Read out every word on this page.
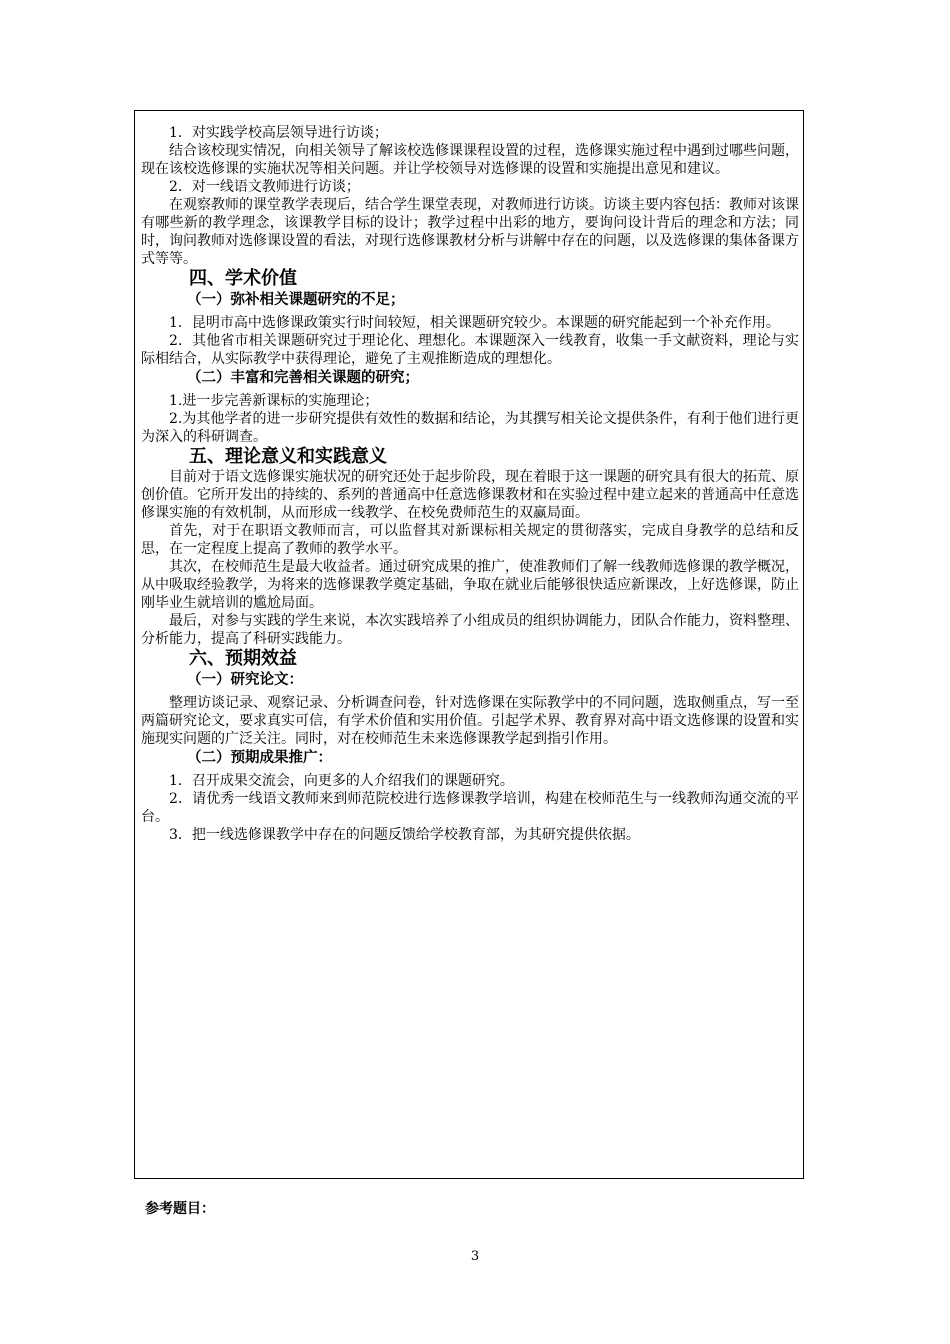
1．对实践学校高层领导进行访谈；

结合该校现实情况，向相关领导了解该校选修课课程设置的过程，选修课实施过程中遇到过哪些问题，现在该校选修课的实施状况等相关问题。并让学校领导对选修课的设置和实施提出意见和建议。

2．对一线语文教师进行访谈；

在观察教师的课堂教学表现后，结合学生课堂表现，对教师进行访谈。访谈主要内容包括：教师对该课有哪些新的教学理念，该课教学目标的设计；教学过程中出彩的地方，要询问设计背后的理念和方法；同时，询问教师对选修课设置的看法，对现行选修课教材分析与讲解中存在的问题，以及选修课的集体备课方式等等。

四、学术价值

（一）弥补相关课题研究的不足；

1．昆明市高中选修课政策实行时间较短，相关课题研究较少。本课题的研究能起到一个补充作用。

2．其他省市相关课题研究过于理论化、理想化。本课题深入一线教育，收集一手文献资料，理论与实际相结合，从实际教学中获得理论，避免了主观推断造成的理想化。

（二）丰富和完善相关课题的研究；

1.进一步完善新课标的实施理论；

2.为其他学者的进一步研究提供有效性的数据和结论，为其撰写相关论文提供条件，有利于他们进行更为深入的科研调查。

五、理论意义和实践意义

目前对于语文选修课实施状况的研究还处于起步阶段，现在着眼于这一课题的研究具有很大的拓荒、原创价值。它所开发出的持续的、系列的普通高中任意选修课教材和在实验过程中建立起来的普通高中任意选修课实施的有效机制，从而形成一线教学、在校免费师范生的双赢局面。

首先，对于在职语文教师而言，可以监督其对新课标相关规定的贯彻落实，完成自身教学的总结和反思，在一定程度上提高了教师的教学水平。

其次，在校师范生是最大收益者。通过研究成果的推广，使准教师们了解一线教师选修课的教学概况，从中吸取经验教学，为将来的选修课教学奠定基础，争取在就业后能够很快适应新课改，上好选修课，防止刚毕业生就培训的尴尬局面。

最后，对参与实践的学生来说，本次实践培养了小组成员的组织协调能力，团队合作能力，资料整理、分析能力，提高了科研实践能力。

六、预期效益

（一）研究论文：

整理访谈记录、观察记录、分析调查问卷，针对选修课在实际教学中的不同问题，选取侧重点，写一至两篇研究论文，要求真实可信，有学术价值和实用价值。引起学术界、教育界对高中语文选修课的设置和实施现实问题的广泛关注。同时，对在校师范生未来选修课教学起到指引作用。

（二）预期成果推广：

1．召开成果交流会，向更多的人介绍我们的课题研究。

2．请优秀一线语文教师来到师范院校进行选修课教学培训，构建在校师范生与一线教师沟通交流的平台。

3．把一线选修课教学中存在的问题反馈给学校教育部，为其研究提供依据。

参考题目：
3
